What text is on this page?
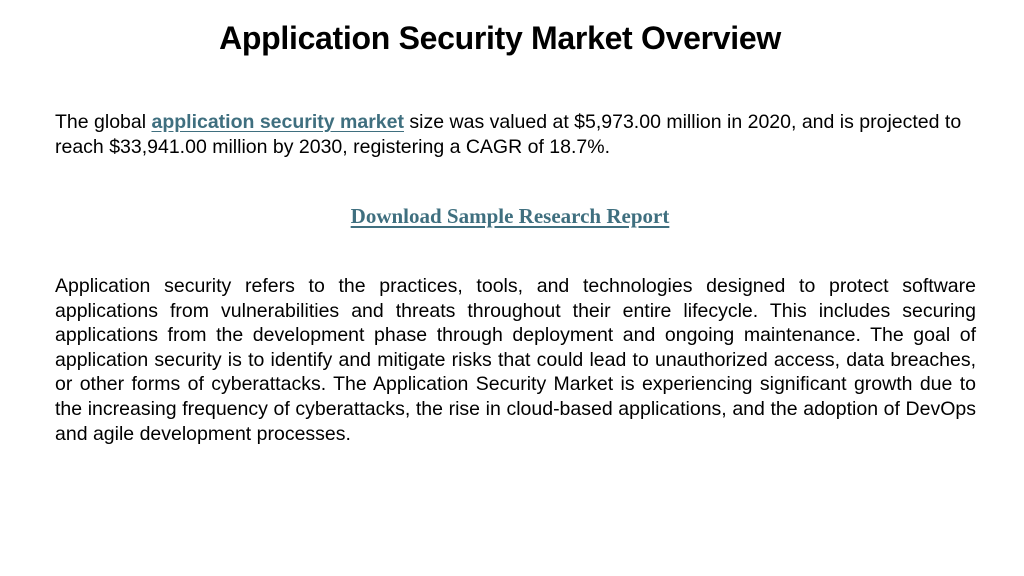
Application Security Market Overview

The global application security market size was valued at $5,973.00 million in 2020, and is projected to reach $33,941.00 million by 2030, registering a CAGR of 18.7%.

Download Sample Research Report

Application security refers to the practices, tools, and technologies designed to protect software applications from vulnerabilities and threats throughout their entire lifecycle. This includes securing applications from the development phase through deployment and ongoing maintenance. The goal of application security is to identify and mitigate risks that could lead to unauthorized access, data breaches, or other forms of cyberattacks. The Application Security Market is experiencing significant growth due to the increasing frequency of cyberattacks, the rise in cloud-based applications, and the adoption of DevOps and agile development processes.
